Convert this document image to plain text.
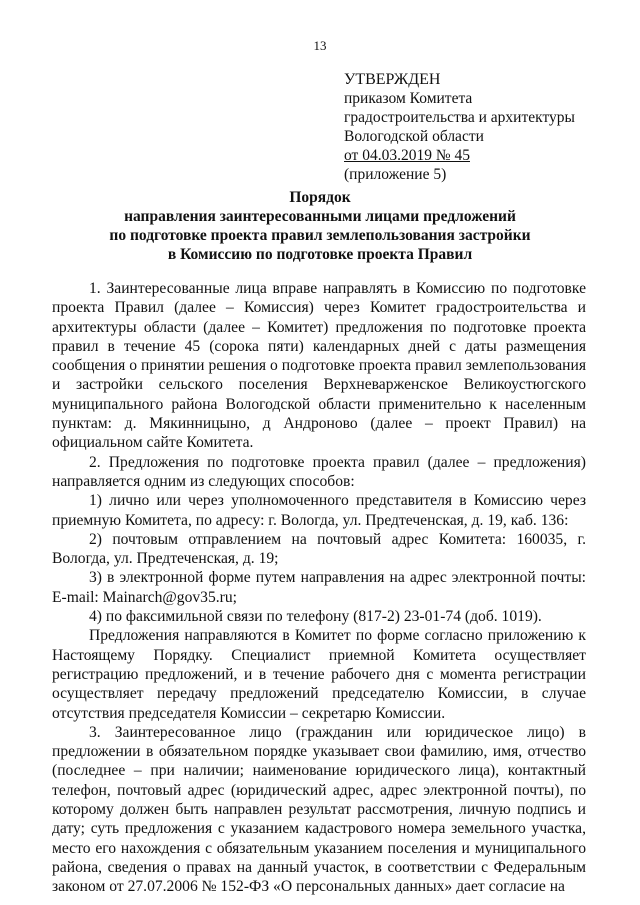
13
УТВЕРЖДЕН
приказом Комитета
градостроительства и архитектуры
Вологодской области
от 04.03.2019 № 45
(приложение 5)
Порядок
направления заинтересованными лицами предложений
по подготовке проекта правил землепользования застройки
в Комиссию по подготовке проекта Правил

1. Заинтересованные лица вправе направлять в Комиссию по подготовке проекта Правил (далее – Комиссия) через Комитет градостроительства и архитектуры области (далее – Комитет) предложения по подготовке проекта правил в течение 45 (сорока пяти) календарных дней с даты размещения сообщения о принятии решения о подготовке проекта правил землепользования и застройки сельского поселения Верхневарженское Великоустюгского муниципального района Вологодской области применительно к населенным пунктам: д. Мякинницыно, д Андроново (далее – проект Правил) на официальном сайте Комитета.

2. Предложения по подготовке проекта правил (далее – предложения) направляется одним из следующих способов:

1) лично или через уполномоченного представителя в Комиссию через приемную Комитета, по адресу: г. Вологда, ул. Предтеченская, д. 19, каб. 136:

2) почтовым отправлением на почтовый адрес Комитета: 160035, г. Вологда, ул. Предтеченская, д. 19;

3) в электронной форме путем направления на адрес электронной почты: E-mail: Mainarch@gov35.ru;

4) по факсимильной связи по телефону (817-2) 23-01-74 (доб. 1019).

Предложения направляются в Комитет по форме согласно приложению к Настоящему Порядку. Специалист приемной Комитета осуществляет регистрацию предложений, и в течение рабочего дня с момента регистрации осуществляет передачу предложений председателю Комиссии, в случае отсутствия председателя Комиссии – секретарю Комиссии.

3. Заинтересованное лицо (гражданин или юридическое лицо) в предложении в обязательном порядке указывает свои фамилию, имя, отчество (последнее – при наличии; наименование юридического лица), контактный телефон, почтовый адрес (юридический адрес, адрес электронной почты), по которому должен быть направлен результат рассмотрения, личную подпись и дату; суть предложения с указанием кадастрового номера земельного участка, место его нахождения с обязательным указанием поселения и муниципального района, сведения о правах на данный участок, в соответствии с Федеральным законом от 27.07.2006 № 152-ФЗ «О персональных данных» дает согласие на
